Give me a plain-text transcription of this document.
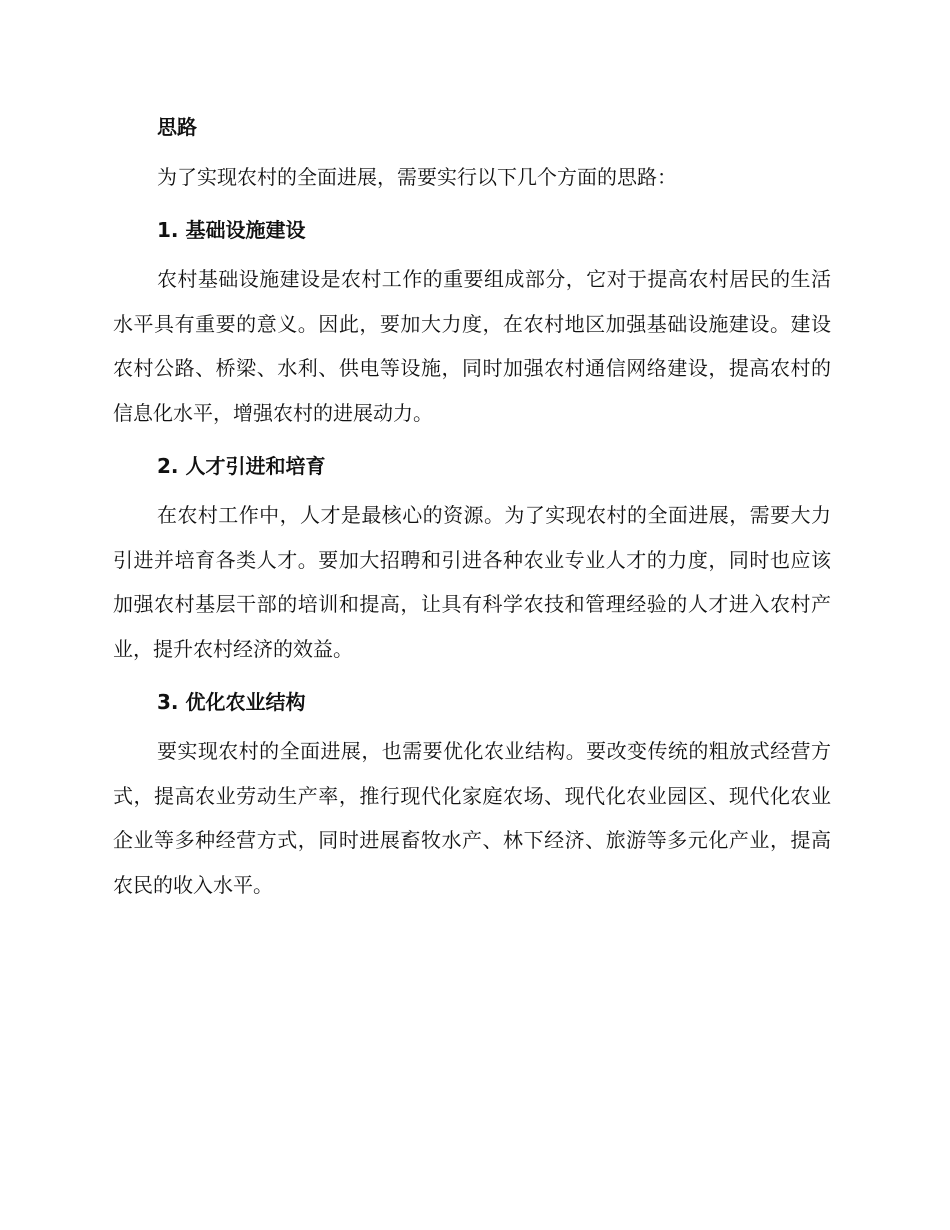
思路

为了实现农村的全面进展，需要实行以下几个方面的思路：

1. 基础设施建设

农村基础设施建设是农村工作的重要组成部分，它对于提高农村居民的生活水平具有重要的意义。因此，要加大力度，在农村地区加强基础设施建设。建设农村公路、桥梁、水利、供电等设施，同时加强农村通信网络建设，提高农村的信息化水平，增强农村的进展动力。

2. 人才引进和培育

在农村工作中，人才是最核心的资源。为了实现农村的全面进展，需要大力引进并培育各类人才。要加大招聘和引进各种农业专业人才的力度，同时也应该加强农村基层干部的培训和提高，让具有科学农技和管理经验的人才进入农村产业，提升农村经济的效益。

3. 优化农业结构

要实现农村的全面进展，也需要优化农业结构。要改变传统的粗放式经营方式，提高农业劳动生产率，推行现代化家庭农场、现代化农业园区、现代化农业企业等多种经营方式，同时进展畜牧水产、林下经济、旅游等多元化产业，提高农民的收入水平。
